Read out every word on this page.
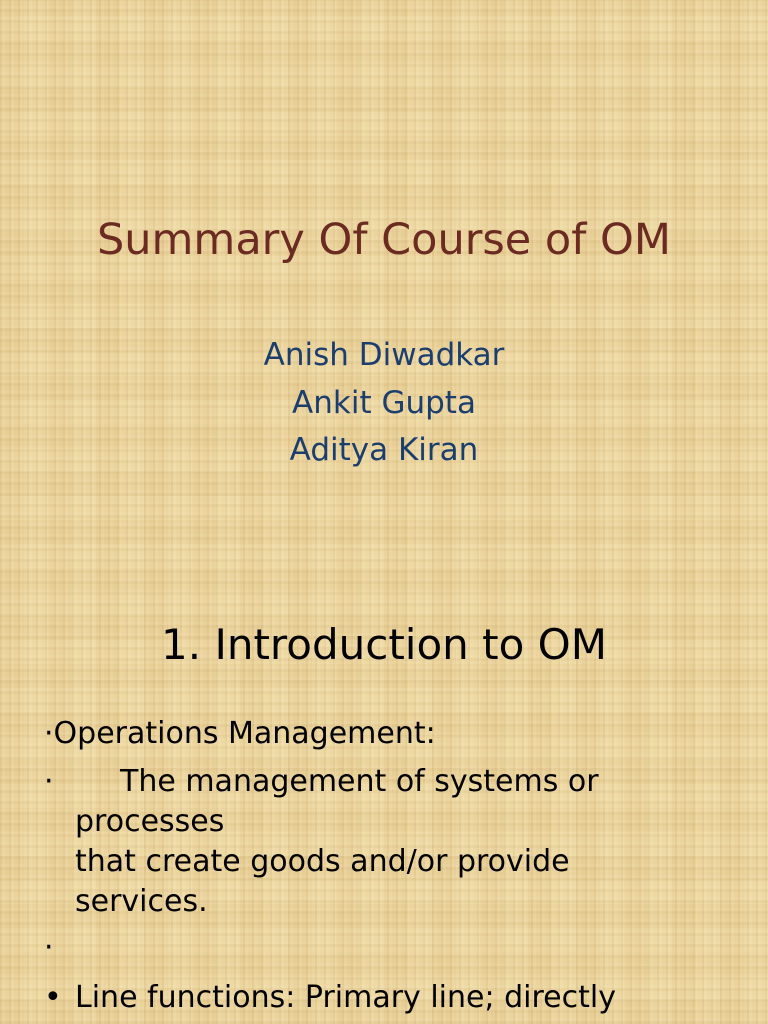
Summary Of Course of OM
Anish Diwadkar
Ankit Gupta
Aditya Kiran
1. Introduction to OM
·Operations Management:
· The management of systems or
processes
that create goods and/or provide
services.
·
• Line functions: Primary line; directly
